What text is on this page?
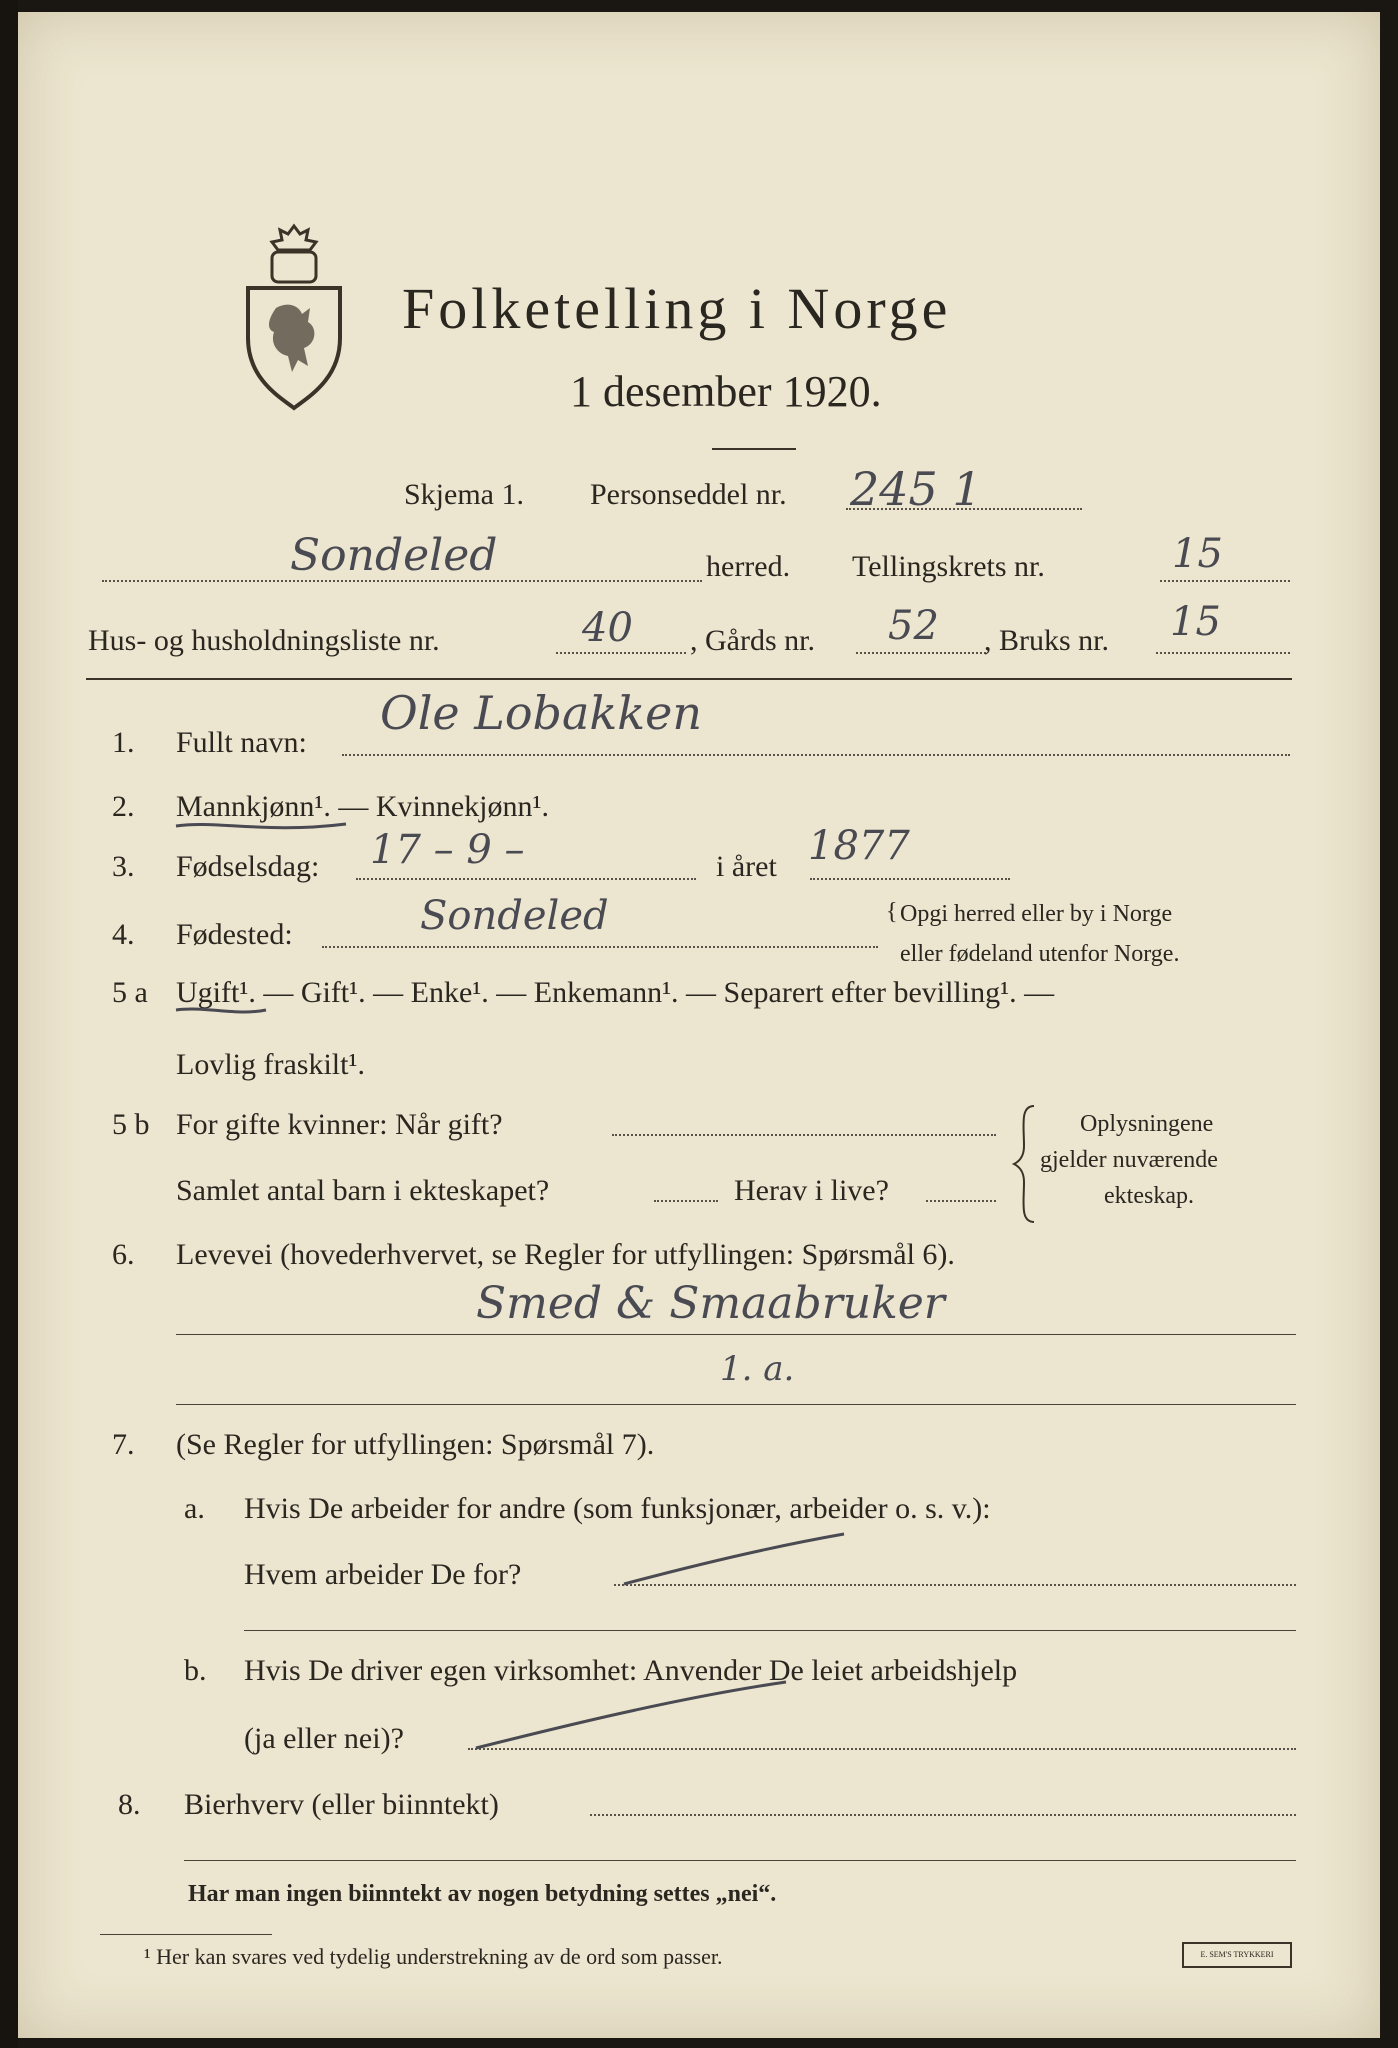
Folketelling i Norge
1 desember 1920.
Skjema 1. Personseddel nr. 245 1
Sondeled	herred. Tellingskrets nr.	15
Hus- og husholdningsliste nr.	40 , Gårds nr. 52 , Bruks nr. 15
1. Fullt navn:
Ole Lobakken
2. Mannkjønn¹. — Kvinnekjønn¹.
3. Fødselsdag: 17 – 9 –	i året 1877
4. Fødested:	Sondeled	{ Opgi herred eller by i Norge
eller fødeland utenfor Norge.
5 a Ugift¹. — Gift¹. — Enke¹. — Enkemann¹. — Separert efter bevilling¹. —
Lovlig fraskilt¹.
5 b For gifte kvinner: Når gift?
Samlet antal barn i ekteskapet?	Herav i live?
Oplysningene
gjelder nuværende
ekteskap.
6. Levevei (hovederhvervet, se Regler for utfyllingen: Spørsmål 6).
Smed & Smaabruker
1. a.
7. (Se Regler for utfyllingen: Spørsmål 7).
a. Hvis De arbeider for andre (som funksjonær, arbeider o. s. v.):
Hvem arbeider De for?
b. Hvis De driver egen virksomhet: Anvender De leiet arbeidshjelp
(ja eller nei)?
8. Bierhverv (eller biinntekt)
Har man ingen biinntekt av nogen betydning settes „nei“.
¹ Her kan svares ved tydelig understrekning av de ord som passer.	E. SEM'S TRYKKERI
